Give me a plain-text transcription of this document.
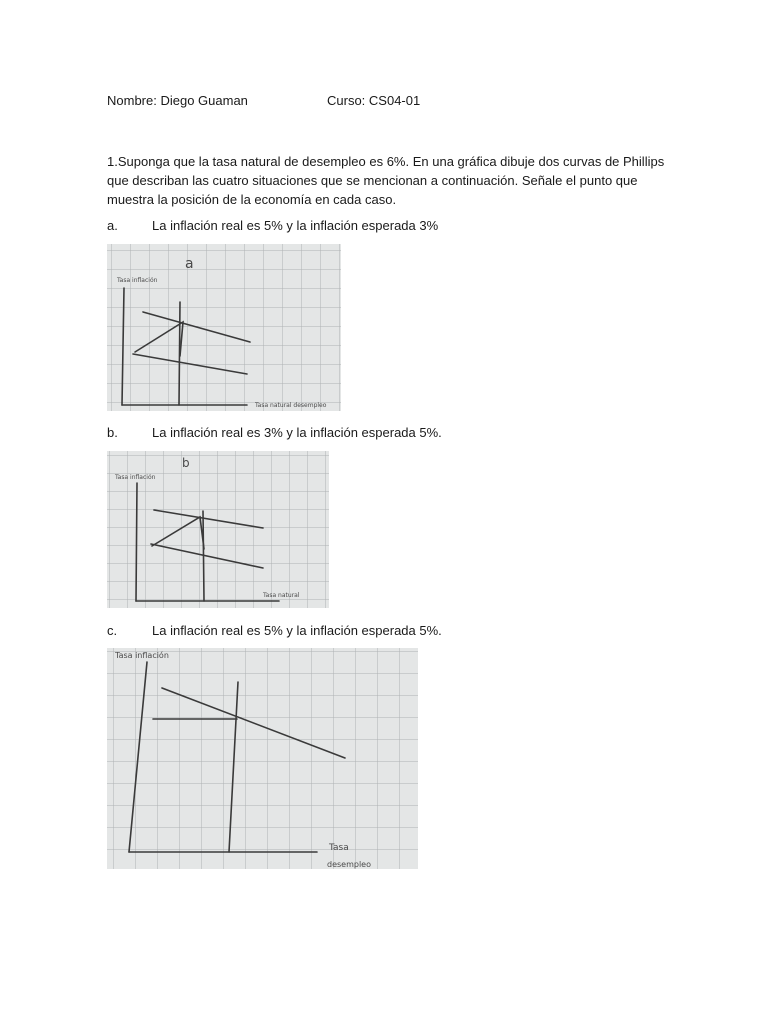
Nombre: Diego Guaman	Curso: CS04-01
1.Suponga que la tasa natural de desempleo es 6%. En una gráfica dibuje dos curvas de Phillips que describan las cuatro situaciones que se mencionan a continuación. Señale el punto que muestra la posición de la economía en cada caso.
a.	La inflación real es 5% y la inflación esperada 3%
a
Tasa inflación
Tasa natural desempleo
b.	La inflación real es 3% y la inflación esperada 5%.
b
Tasa inflación
Tasa natural
c.	La inflación real es 5% y la inflación esperada 5%.
Tasa inflación
Tasa
desempleo
